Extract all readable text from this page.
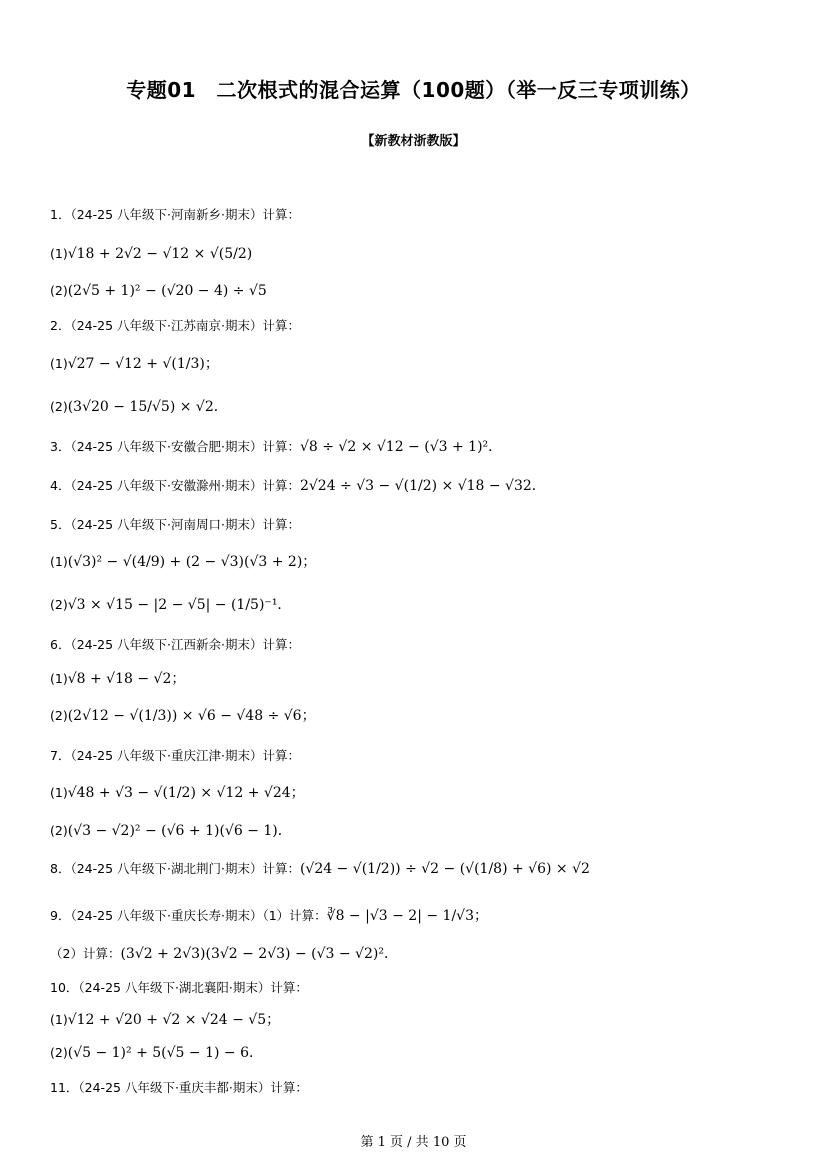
专题01　二次根式的混合运算（100题）（举一反三专项训练）
【新教材浙教版】
1．（24-25 八年级下·河南新乡·期末）计算：
(1)√18 + 2√2 − √12 × √(5/2)
(2)(2√5 + 1)² − (√20 − 4) ÷ √5
2．（24-25 八年级下·江苏南京·期末）计算：
(1)√27 − √12 + √(1/3)；
(2)(3√20 − 15/√5) × √2．
3．（24-25 八年级下·安徽合肥·期末）计算：√8 ÷ √2 × √12 − (√3 + 1)²．
4．（24-25 八年级下·安徽滁州·期末）计算：2√24 ÷ √3 − √(1/2) × √18 − √32．
5．（24-25 八年级下·河南周口·期末）计算：
(1)(√3)² − √(4/9) + (2 − √3)(√3 + 2)；
(2)√3 × √15 − |2 − √5| − (1/5)⁻¹．
6．（24-25 八年级下·江西新余·期末）计算：
(1)√8 + √18 − √2；
(2)(2√12 − √(1/3)) × √6 − √48 ÷ √6；
7．（24-25 八年级下·重庆江津·期末）计算：
(1)√48 + √3 − √(1/2) × √12 + √24；
(2)(√3 − √2)² − (√6 + 1)(√6 − 1)．
8．（24-25 八年级下·湖北荆门·期末）计算：(√24 − √(1/2)) ÷ √2 − (√(1/8) + √6) × √2
9．（24-25 八年级下·重庆长寿·期末）（1）计算：∛8 − |√3 − 2| − 1/√3；
（2）计算：(3√2 + 2√3)(3√2 − 2√3) − (√3 − √2)²．
10．（24-25 八年级下·湖北襄阳·期末）计算：
(1)√12 + √20 + √2 × √24 − √5；
(2)(√5 − 1)² + 5(√5 − 1) − 6．
11．（24-25 八年级下·重庆丰都·期末）计算：
第 1 页 / 共 10 页
